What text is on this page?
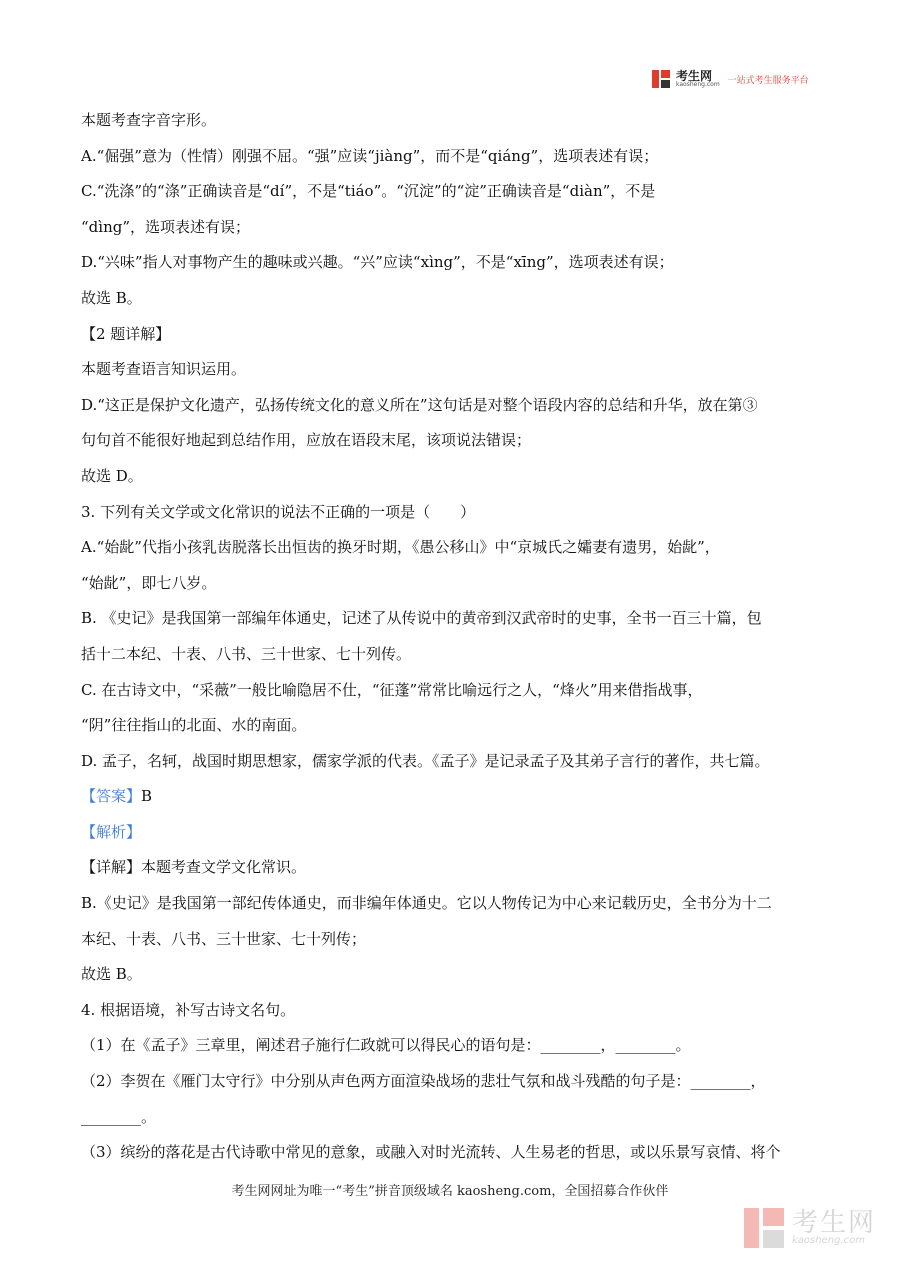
考生网
kaosheng.com 一站式考生服务平台
本题考查字音字形。
A.“倔强”意为（性情）刚强不屈。“强”应读“jiàng”，而不是“qiáng”，选项表述有误；
C.“洗涤”的“涤”正确读音是“dí”，不是“tiáo”。“沉淀”的“淀”正确读音是“diàn”，不是
“dìng”，选项表述有误；
D.“兴味”指人对事物产生的趣味或兴趣。“兴”应读“xìng”，不是“xīng”，选项表述有误；
故选 B。
【2 题详解】
本题考查语言知识运用。
D.“这正是保护文化遗产，弘扬传统文化的意义所在”这句话是对整个语段内容的总结和升华，放在第③
句句首不能很好地起到总结作用，应放在语段末尾，该项说法错误；
故选 D。
3. 下列有关文学或文化常识的说法不正确的一项是（　　）
A.“始龀”代指小孩乳齿脱落长出恒齿的换牙时期，《愚公移山》中“京城氏之孀妻有遗男，始龀”，
“始龀”，即七八岁。
B. 《史记》是我国第一部编年体通史，记述了从传说中的黄帝到汉武帝时的史事，全书一百三十篇，包
括十二本纪、十表、八书、三十世家、七十列传。
C. 在古诗文中，“采薇”一般比喻隐居不仕，“征蓬”常常比喻远行之人，“烽火”用来借指战事，
“阴”往往指山的北面、水的南面。
D. 孟子，名轲，战国时期思想家，儒家学派的代表。《孟子》是记录孟子及其弟子言行的著作，共七篇。
【答案】B
【解析】
【详解】本题考查文学文化常识。
B.《史记》是我国第一部纪传体通史，而非编年体通史。它以人物传记为中心来记载历史，全书分为十二
本纪、十表、八书、三十世家、七十列传；
故选 B。
4. 根据语境，补写古诗文名句。
（1）在《孟子》三章里，阐述君子施行仁政就可以得民心的语句是：________，________。
（2）李贺在《雁门太守行》中分别从声色两方面渲染战场的悲壮气氛和战斗残酷的句子是：________，
________。
（3）缤纷的落花是古代诗歌中常见的意象，或融入对时光流转、人生易老的哲思，或以乐景写哀情、将个
考生网网址为唯一“考生”拼音顶级域名 kaosheng.com，全国招募合作伙伴
考生网
kaosheng.com
